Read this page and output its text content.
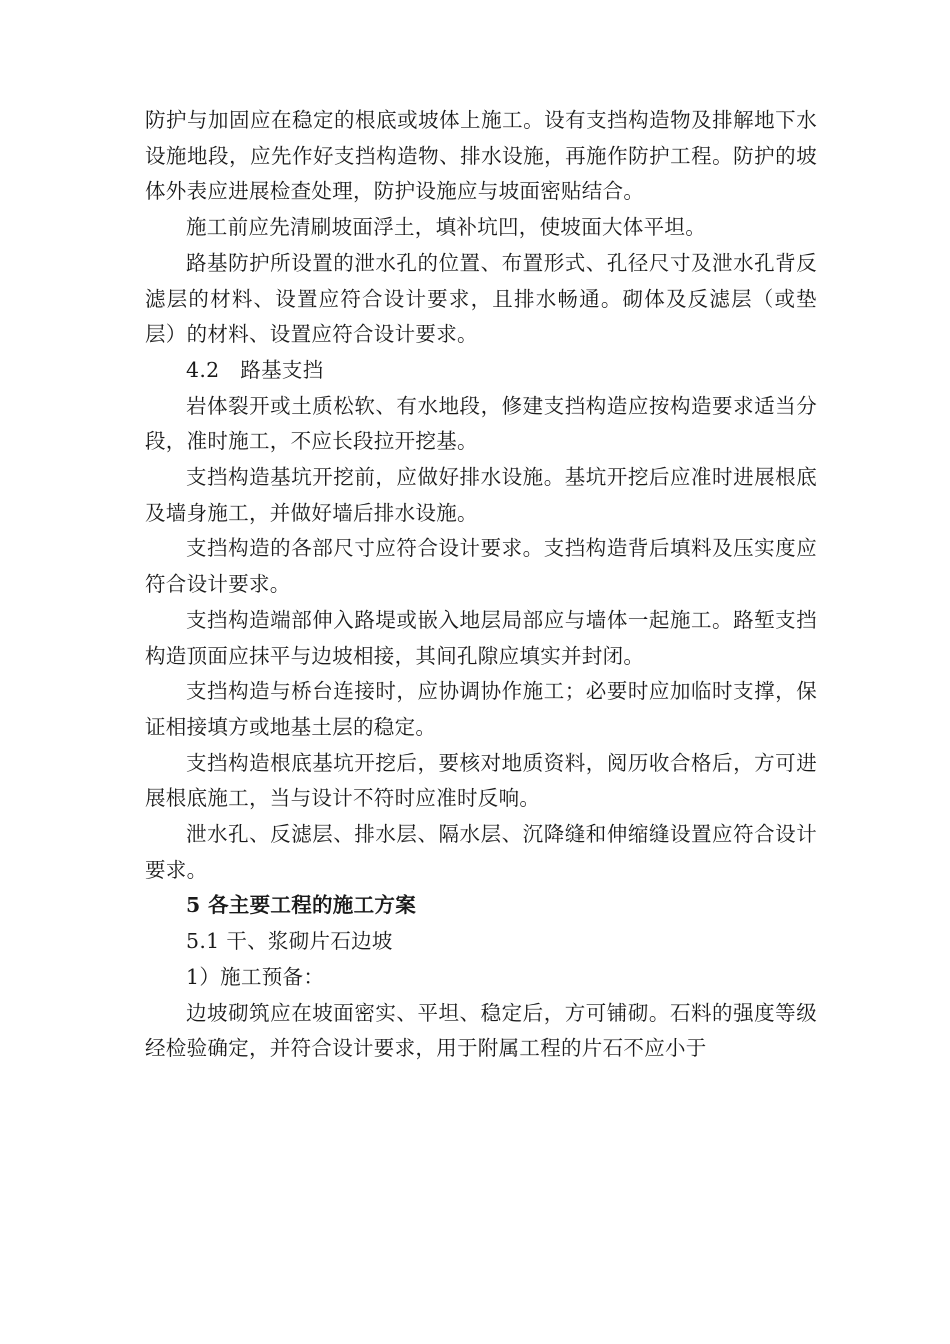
防护与加固应在稳定的根底或坡体上施工。设有支挡构造物及排解地下水设施地段，应先作好支挡构造物、排水设施，再施作防护工程。防护的坡体外表应进展检查处理，防护设施应与坡面密贴结合。

施工前应先清刷坡面浮土，填补坑凹，使坡面大体平坦。

路基防护所设置的泄水孔的位置、布置形式、孔径尺寸及泄水孔背反滤层的材料、设置应符合设计要求，且排水畅通。砌体及反滤层（或垫层）的材料、设置应符合设计要求。

4.2　路基支挡

岩体裂开或土质松软、有水地段，修建支挡构造应按构造要求适当分段，准时施工，不应长段拉开挖基。

支挡构造基坑开挖前，应做好排水设施。基坑开挖后应准时进展根底及墙身施工，并做好墙后排水设施。

支挡构造的各部尺寸应符合设计要求。支挡构造背后填料及压实度应符合设计要求。

支挡构造端部伸入路堤或嵌入地层局部应与墙体一起施工。路堑支挡构造顶面应抹平与边坡相接，其间孔隙应填实并封闭。

支挡构造与桥台连接时，应协调协作施工；必要时应加临时支撑，保证相接填方或地基土层的稳定。

支挡构造根底基坑开挖后，要核对地质资料，阅历收合格后，方可进展根底施工，当与设计不符时应准时反响。

泄水孔、反滤层、排水层、隔水层、沉降缝和伸缩缝设置应符合设计要求。

5 各主要工程的施工方案

5.1 干、浆砌片石边坡

1）施工预备：

边坡砌筑应在坡面密实、平坦、稳定后，方可铺砌。石料的强度等级经检验确定，并符合设计要求，用于附属工程的片石不应小于
